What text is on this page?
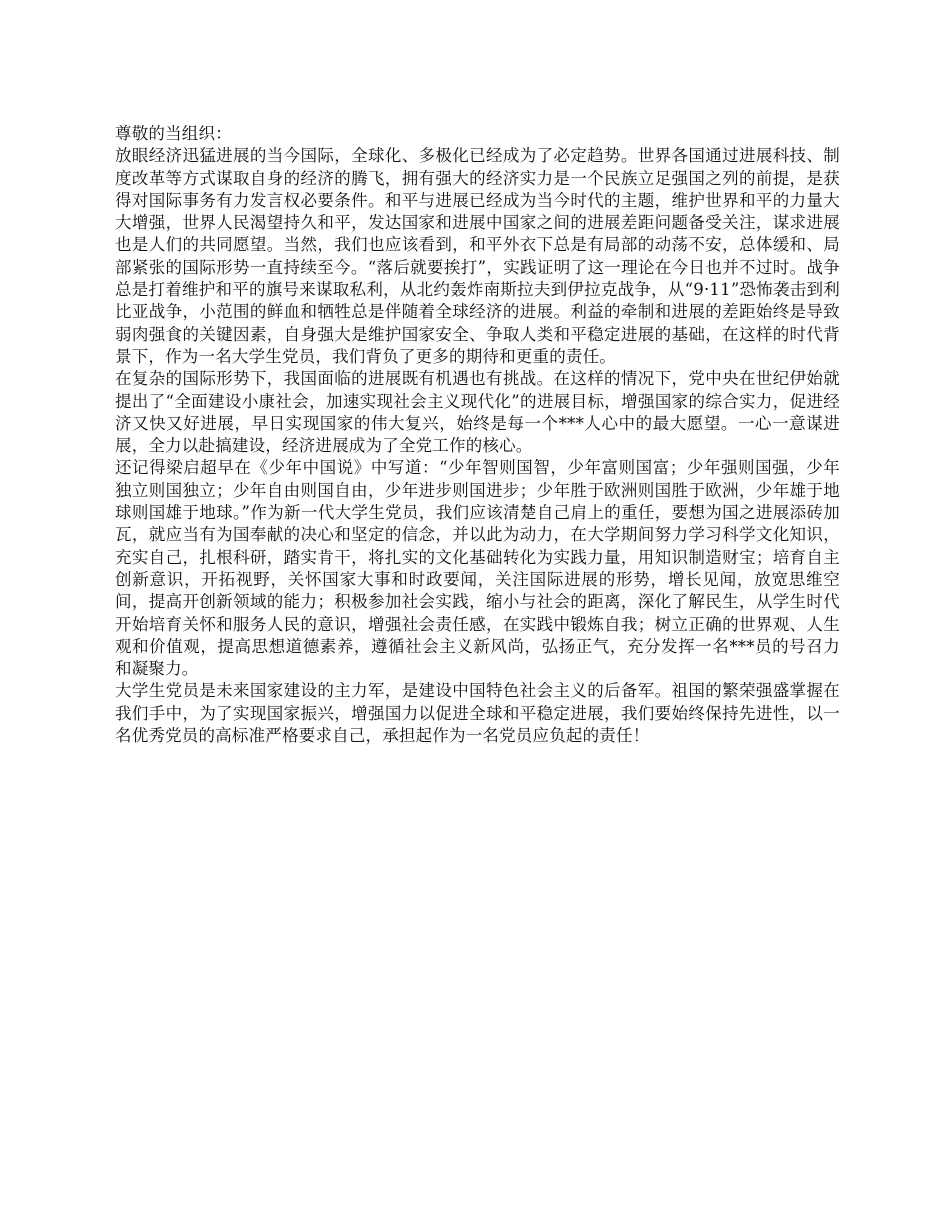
尊敬的当组织：

放眼经济迅猛进展的当今国际，全球化、多极化已经成为了必定趋势。世界各国通过进展科技、制度改革等方式谋取自身的经济的腾飞，拥有强大的经济实力是一个民族立足强国之列的前提，是获得对国际事务有力发言权必要条件。和平与进展已经成为当今时代的主题，维护世界和平的力量大大增强，世界人民渴望持久和平，发达国家和进展中国家之间的进展差距问题备受关注，谋求进展也是人们的共同愿望。当然，我们也应该看到，和平外衣下总是有局部的动荡不安，总体缓和、局部紧张的国际形势一直持续至今。“落后就要挨打”，实践证明了这一理论在今日也并不过时。战争总是打着维护和平的旗号来谋取私利，从北约轰炸南斯拉夫到伊拉克战争，从“9·11”恐怖袭击到利比亚战争，小范围的鲜血和牺牲总是伴随着全球经济的进展。利益的牵制和进展的差距始终是导致弱肉强食的关键因素，自身强大是维护国家安全、争取人类和平稳定进展的基础，在这样的时代背景下，作为一名大学生党员，我们背负了更多的期待和更重的责任。

在复杂的国际形势下，我国面临的进展既有机遇也有挑战。在这样的情况下，党中央在世纪伊始就提出了“全面建设小康社会，加速实现社会主义现代化”的进展目标，增强国家的综合实力，促进经济又快又好进展，早日实现国家的伟大复兴，始终是每一个***人心中的最大愿望。一心一意谋进展，全力以赴搞建设，经济进展成为了全党工作的核心。

还记得梁启超早在《少年中国说》中写道：“少年智则国智，少年富则国富；少年强则国强，少年独立则国独立；少年自由则国自由，少年进步则国进步；少年胜于欧洲则国胜于欧洲，少年雄于地球则国雄于地球。”作为新一代大学生党员，我们应该清楚自己肩上的重任，要想为国之进展添砖加瓦，就应当有为国奉献的决心和坚定的信念，并以此为动力，在大学期间努力学习科学文化知识，充实自己，扎根科研，踏实肯干，将扎实的文化基础转化为实践力量，用知识制造财宝；培育自主创新意识，开拓视野，关怀国家大事和时政要闻，关注国际进展的形势，增长见闻，放宽思维空间，提高开创新领域的能力；积极参加社会实践，缩小与社会的距离，深化了解民生，从学生时代开始培育关怀和服务人民的意识，增强社会责任感，在实践中锻炼自我；树立正确的世界观、人生观和价值观，提高思想道德素养，遵循社会主义新风尚，弘扬正气，充分发挥一名***员的号召力和凝聚力。

大学生党员是未来国家建设的主力军，是建设中国特色社会主义的后备军。祖国的繁荣强盛掌握在我们手中，为了实现国家振兴，增强国力以促进全球和平稳定进展，我们要始终保持先进性，以一名优秀党员的高标准严格要求自己，承担起作为一名党员应负起的责任！
